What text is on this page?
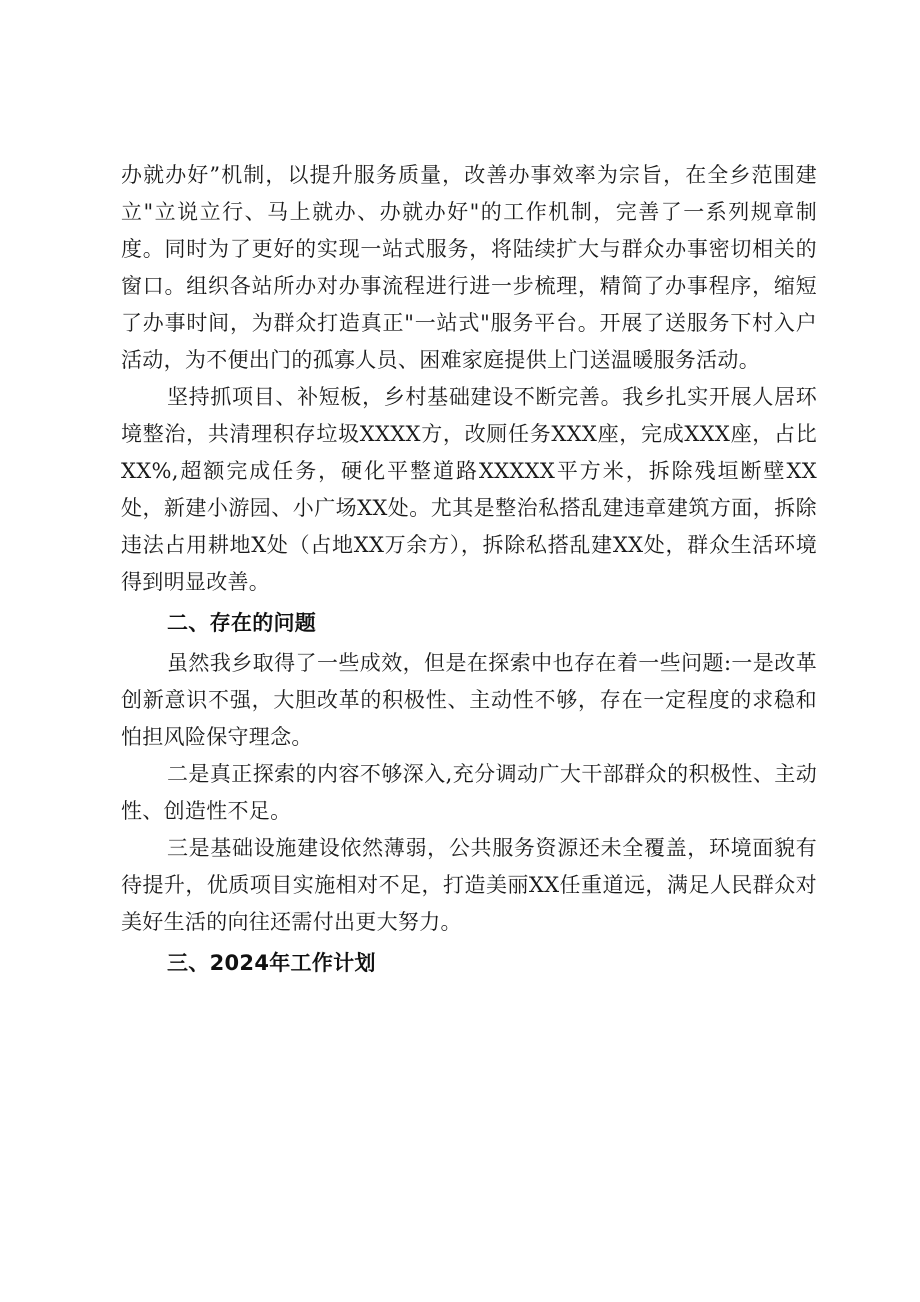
办就办好”机制，以提升服务质量，改善办事效率为宗旨，在全乡范围建立"立说立行、马上就办、办就办好"的工作机制，完善了一系列规章制度。同时为了更好的实现一站式服务，将陆续扩大与群众办事密切相关的窗口。组织各站所办对办事流程进行进一步梳理，精简了办事程序，缩短了办事时间，为群众打造真正"一站式"服务平台。开展了送服务下村入户活动，为不便出门的孤寡人员、困难家庭提供上门送温暖服务活动。

坚持抓项目、补短板，乡村基础建设不断完善。我乡扎实开展人居环境整治，共清理积存垃圾XXXX方，改厕任务XXX座，完成XXX座，占比XX%,超额完成任务，硬化平整道路XXXXX平方米，拆除残垣断壁XX处，新建小游园、小广场XX处。尤其是整治私搭乱建违章建筑方面，拆除违法占用耕地X处（占地XX万余方），拆除私搭乱建XX处，群众生活环境得到明显改善。

二、存在的问题

虽然我乡取得了一些成效，但是在探索中也存在着一些问题:一是改革创新意识不强，大胆改革的积极性、主动性不够，存在一定程度的求稳和怕担风险保守理念。

二是真正探索的内容不够深入,充分调动广大干部群众的积极性、主动性、创造性不足。

三是基础设施建设依然薄弱，公共服务资源还未全覆盖，环境面貌有待提升，优质项目实施相对不足，打造美丽XX任重道远，满足人民群众对美好生活的向往还需付出更大努力。

三、2024年工作计划
